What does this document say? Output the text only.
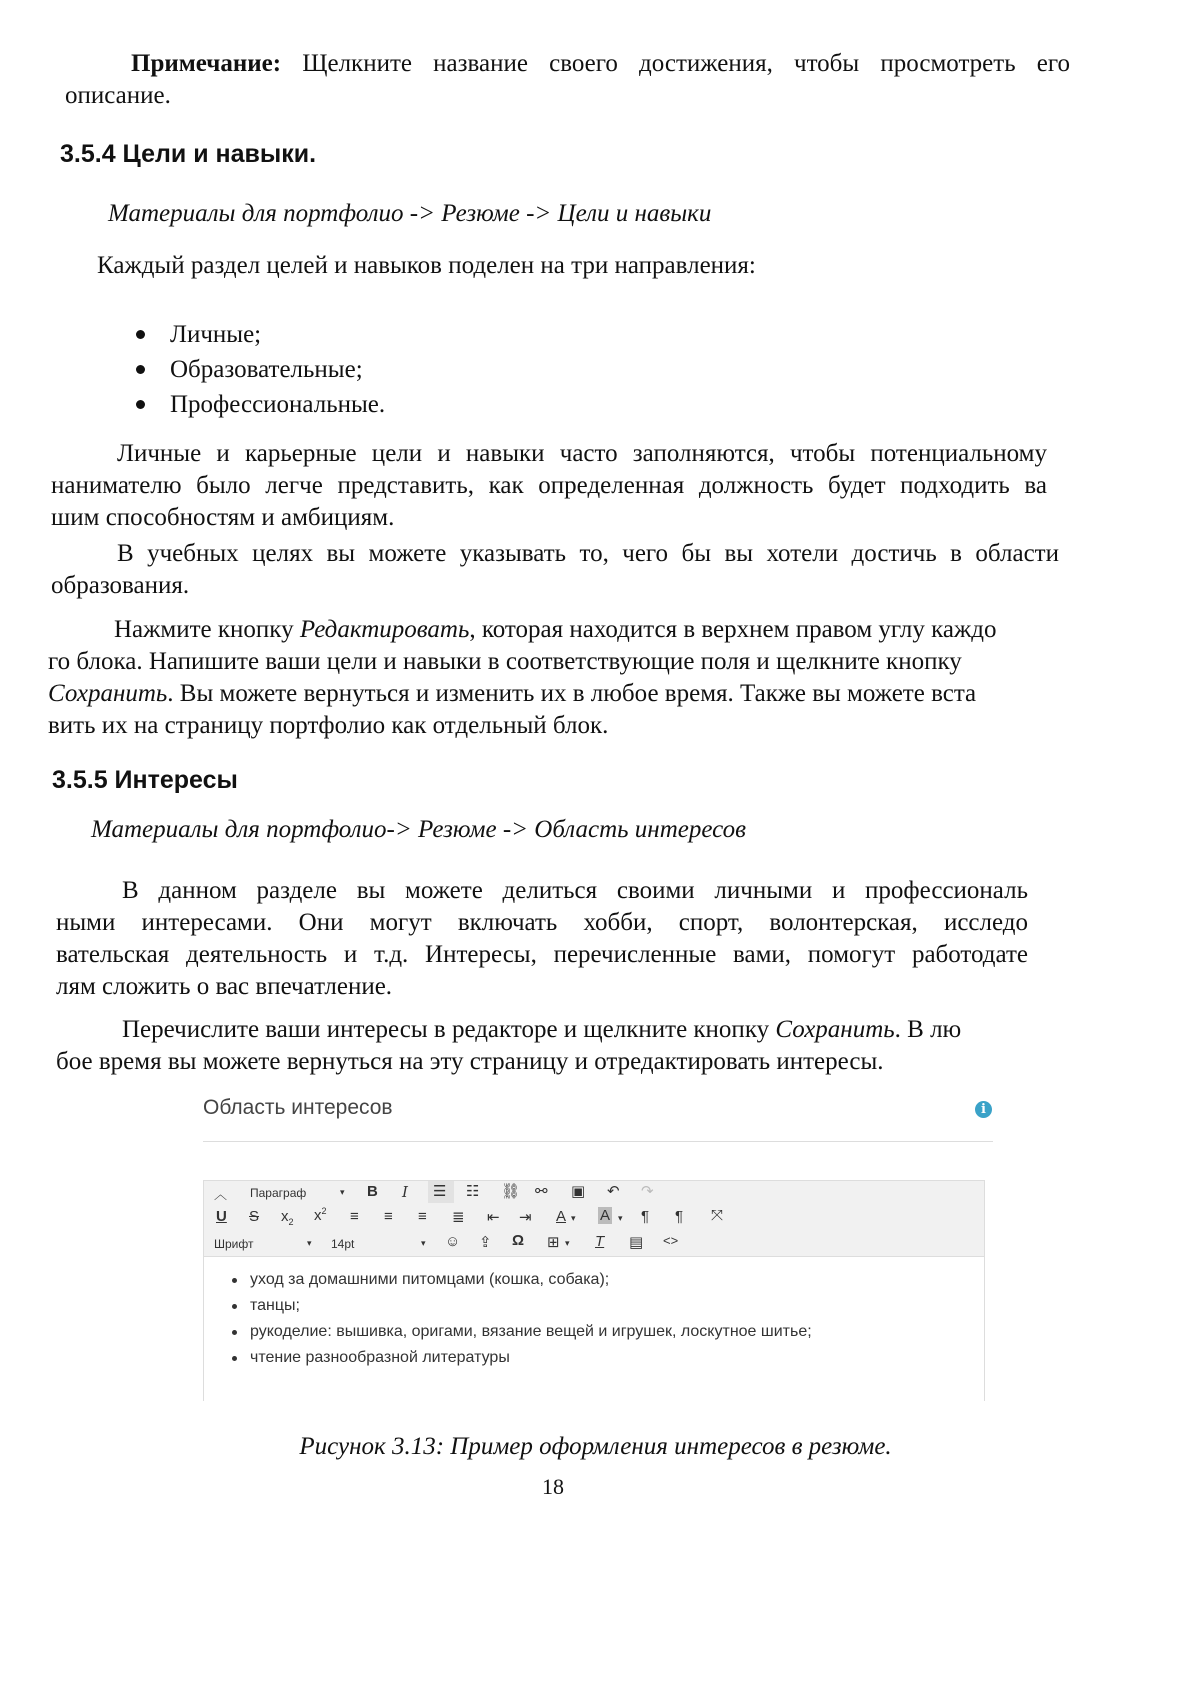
Примечание: Щелкните название своего достижения, чтобы просмотреть его
описание.
3.5.4 Цели и навыки.
Материалы для портфолио -> Резюме -> Цели и навыки
Каждый раздел целей и навыков поделен на три направления:
Личные;
Образовательные;
Профессиональные.
Личные и карьерные цели и навыки часто заполняются, чтобы потенциальному
нанимателю было легче представить, как определенная должность будет подходить ва
шим способностям и амбициям.
В учебных целях вы можете указывать то, чего бы вы хотели достичь в области
образования.
Нажмите кнопку Редактировать, которая находится в верхнем правом углу каждо
го блока. Напишите ваши цели и навыки в соответствующие поля и щелкните кнопку
Сохранить. Вы можете вернуться и изменить их в любое время. Также вы можете вста
вить их на страницу портфолио как отдельный блок.
3.5.5 Интересы
Материалы для портфолио-> Резюме -> Область интересов
В данном разделе вы можете делиться своими личными и профессиональ
ными интересами. Они могут включать хобби, спорт, волонтерская, исследо
вательская деятельность и т.д. Интересы, перечисленные вами, помогут работодате
лям сложить о вас впечатление.
Перечислите ваши интересы в редакторе и щелкните кнопку Сохранить. В лю
бое время вы можете вернуться на эту страницу и отредактировать интересы.
Область интересов	i
︿ Параграф	▾ B I ☰ ☷ ⛓ ⚯ ▣ ↶ ↷
U S $x_2$ $x^2$ ≡ ≡ ≡ ≣ ⇤ ⇥ A ▾ A ▾ ¶ ¶ ⤧
Шрифт	▾ 14pt	▾ ☺ ⇪ Ω ⊞ ▾ T ▤ <>
уход за домашними питомцами (кошка, собака);
танцы;
рукоделие: вышивка, оригами, вязание вещей и игрушек, лоскутное шитье;
чтение разнообразной литературы
Рисунок 3.13: Пример оформления интересов в резюме.
18
